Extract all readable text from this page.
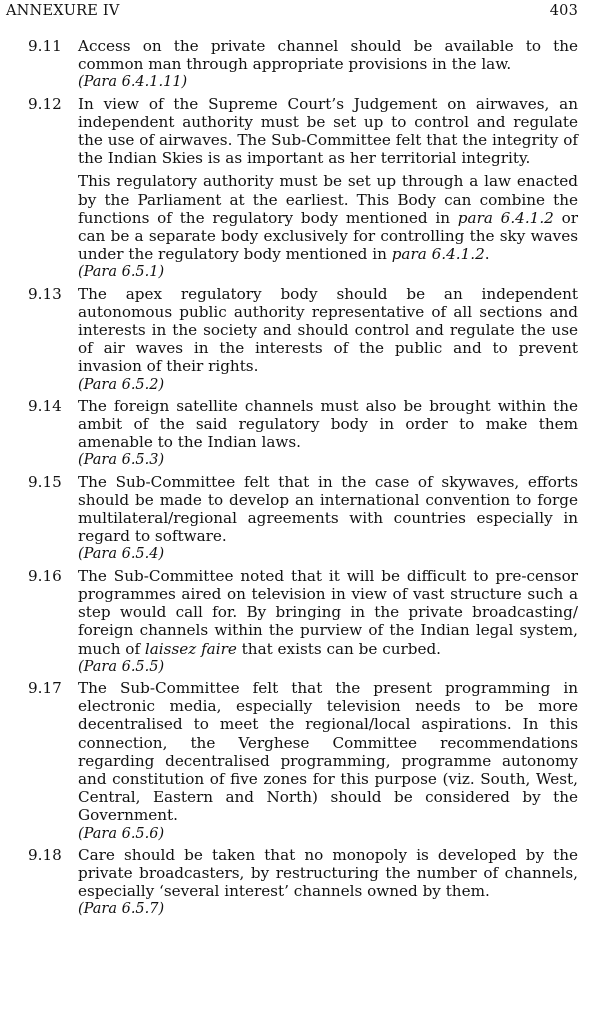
ANNEXURE IV	403
9.11	Access on the private channel should be available to the common man through appropriate provisions in the law.

(Para 6.4.1.11)
9.12	In view of the Supreme Court’s Judgement on airwaves, an independent authority must be set up to control and regulate the use of airwaves. The Sub-Committee felt that the integrity of the Indian Skies is as important as her territorial integrity.

This regulatory authority must be set up through a law enacted by the Parliament at the earliest. This Body can combine the functions of the regulatory body mentioned in para 6.4.1.2 or can be a separate body exclusively for controlling the sky waves under the regulatory body mentioned in para 6.4.1.2.

(Para 6.5.1)
9.13	The apex regulatory body should be an independent autonomous public authority representative of all sections and interests in the society and should control and regulate the use of air waves in the interests of the public and to prevent invasion of their rights.

(Para 6.5.2)
9.14	The foreign satellite channels must also be brought within the ambit of the said regulatory body in order to make them amenable to the Indian laws.

(Para 6.5.3)
9.15	The Sub-Committee felt that in the case of skywaves, efforts should be made to develop an international convention to forge multilateral/regional agreements with countries especially in regard to software.

(Para 6.5.4)
9.16	The Sub-Committee noted that it will be difficult to pre-censor programmes aired on television in view of vast structure such a step would call for. By bringing in the private broadcasting/ foreign channels within the purview of the Indian legal system, much of laissez faire that exists can be curbed.

(Para 6.5.5)
9.17	The Sub-Committee felt that the present programming in electronic media, especially television needs to be more decentralised to meet the regional/local aspirations. In this connection, the Verghese Committee recommendations regarding decentralised programming, programme autonomy and constitution of five zones for this purpose (viz. South, West, Central, Eastern and North) should be considered by the Government.

(Para 6.5.6)
9.18	Care should be taken that no monopoly is developed by the private broadcasters, by restructuring the number of channels, especially ‘several interest’ channels owned by them.

(Para 6.5.7)
